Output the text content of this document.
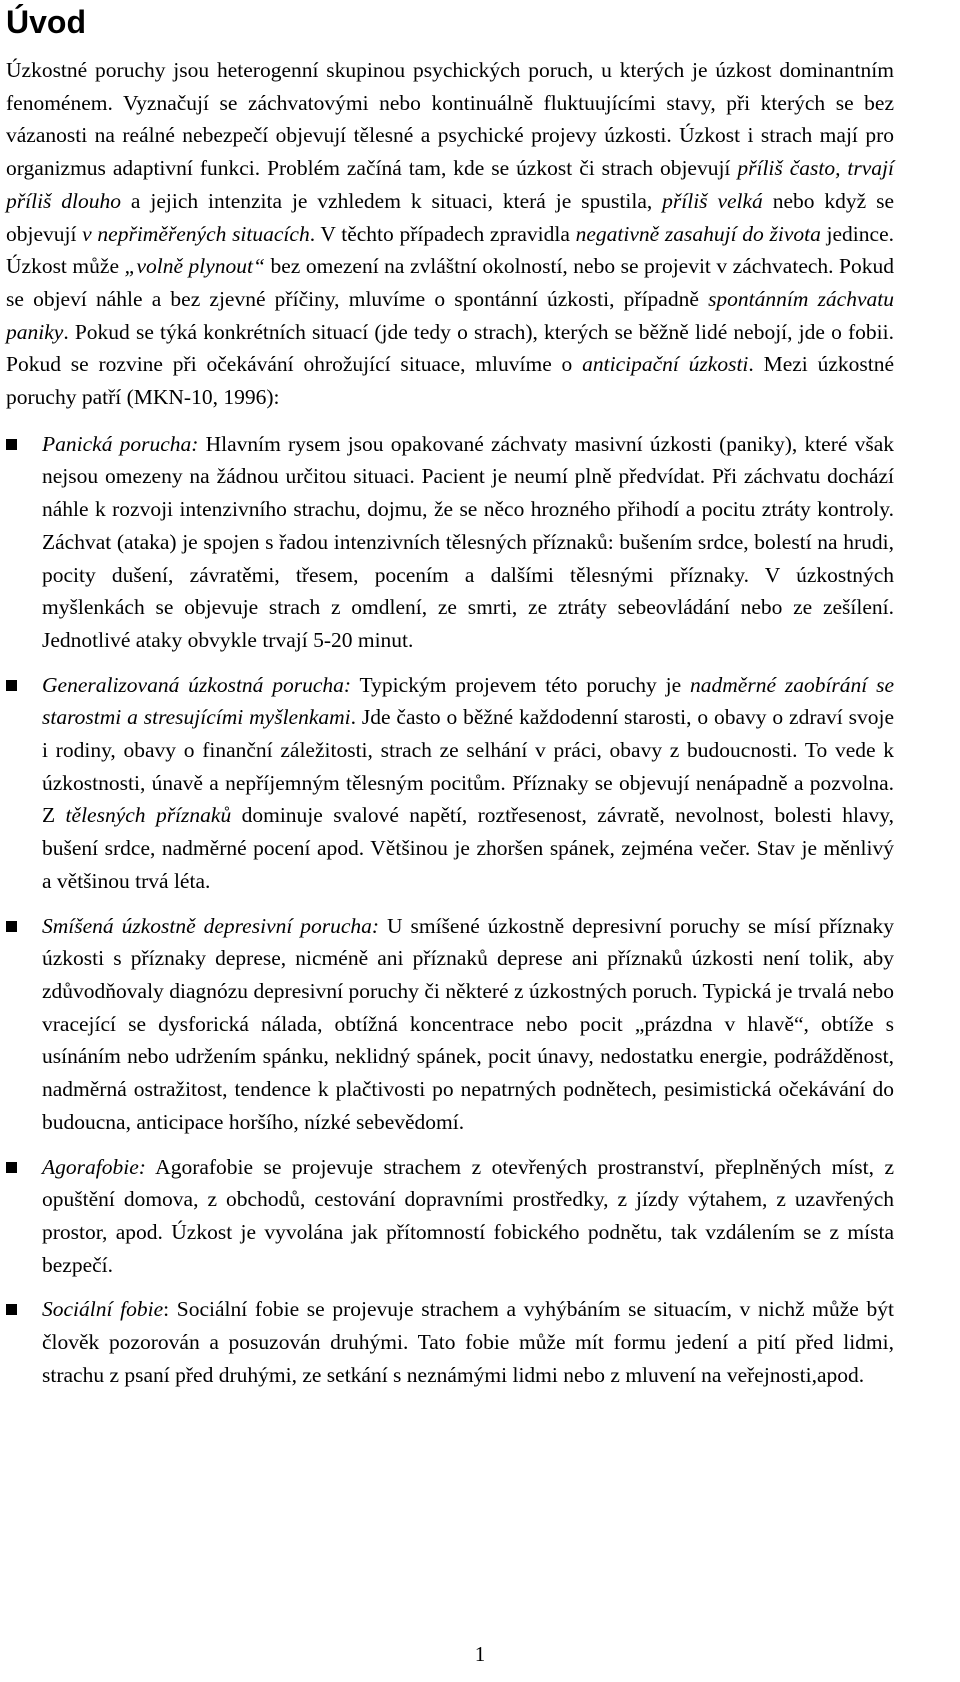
Úvod

Úzkostné poruchy jsou heterogenní skupinou psychických poruch, u kterých je úzkost dominantním fenoménem. Vyznačují se záchvatovými nebo kontinuálně fluktuujícími stavy, při kterých se bez vázanosti na reálné nebezpečí objevují tělesné a psychické projevy úzkosti. Úzkost i strach mají pro organizmus adaptivní funkci. Problém začíná tam, kde se úzkost či strach objevují příliš často, trvají příliš dlouho a jejich intenzita je vzhledem k situaci, která je spustila, příliš velká nebo když se objevují v nepřiměřených situacích. V těchto případech zpravidla negativně zasahují do života jedince. Úzkost může „volně plynout“ bez omezení na zvláštní okolností, nebo se projevit v záchvatech. Pokud se objeví náhle a bez zjevné příčiny, mluvíme o spontánní úzkosti, případně spontánním záchvatu paniky. Pokud se týká konkrétních situací (jde tedy o strach), kterých se běžně lidé nebojí, jde o fobii. Pokud se rozvine při očekávání ohrožující situace, mluvíme o anticipační úzkosti. Mezi úzkostné poruchy patří (MKN-10, 1996):

Panická porucha: Hlavním rysem jsou opakované záchvaty masivní úzkosti (paniky), které však nejsou omezeny na žádnou určitou situaci. Pacient je neumí plně předvídat. Při záchvatu dochází náhle k rozvoji intenzivního strachu, dojmu, že se něco hrozného přihodí a pocitu ztráty kontroly. Záchvat (ataka) je spojen s řadou intenzivních tělesných příznaků: bušením srdce, bolestí na hrudi, pocity dušení, závratěmi, třesem, pocením a dalšími tělesnými příznaky. V úzkostných myšlenkách se objevuje strach z omdlení, ze smrti, ze ztráty sebeovládání nebo ze zešílení. Jednotlivé ataky obvykle trvají 5-20 minut.

Generalizovaná úzkostná porucha: Typickým projevem této poruchy je nadměrné zaobírání se starostmi a stresujícími myšlenkami. Jde často o běžné každodenní starosti, o obavy o zdraví svoje i rodiny, obavy o finanční záležitosti, strach ze selhání v práci, obavy z budoucnosti. To vede k úzkostnosti, únavě a nepříjemným tělesným pocitům. Příznaky se objevují nenápadně a pozvolna. Z tělesných příznaků dominuje svalové napětí, roztřesenost, závratě, nevolnost, bolesti hlavy, bušení srdce, nadměrné pocení apod. Většinou je zhoršen spánek, zejména večer. Stav je měnlivý a většinou trvá léta.

Smíšená úzkostně depresivní porucha: U smíšené úzkostně depresivní poruchy se mísí příznaky úzkosti s příznaky deprese, nicméně ani příznaků deprese ani příznaků úzkosti není tolik, aby zdůvodňovaly diagnózu depresivní poruchy či některé z úzkostných poruch. Typická je trvalá nebo vracející se dysforická nálada, obtížná koncentrace nebo pocit „prázdna v hlavě“, obtíže s usínáním nebo udržením spánku, neklidný spánek, pocit únavy, nedostatku energie, podrážděnost, nadměrná ostražitost, tendence k plačtivosti po nepatrných podnětech, pesimistická očekávání do budoucna, anticipace horšího, nízké sebevědomí.

Agorafobie: Agorafobie se projevuje strachem z otevřených prostranství, přeplněných míst, z opuštění domova, z obchodů, cestování dopravními prostředky, z jízdy výtahem, z uzavřených prostor, apod. Úzkost je vyvolána jak přítomností fobického podnětu, tak vzdálením se z místa bezpečí.

Sociální fobie: Sociální fobie se projevuje strachem a vyhýbáním se situacím, v nichž může být člověk pozorován a posuzován druhými. Tato fobie může mít formu jedení a pití před lidmi, strachu z psaní před druhými, ze setkání s neznámými lidmi nebo z mluvení na veřejnosti,apod.

1
